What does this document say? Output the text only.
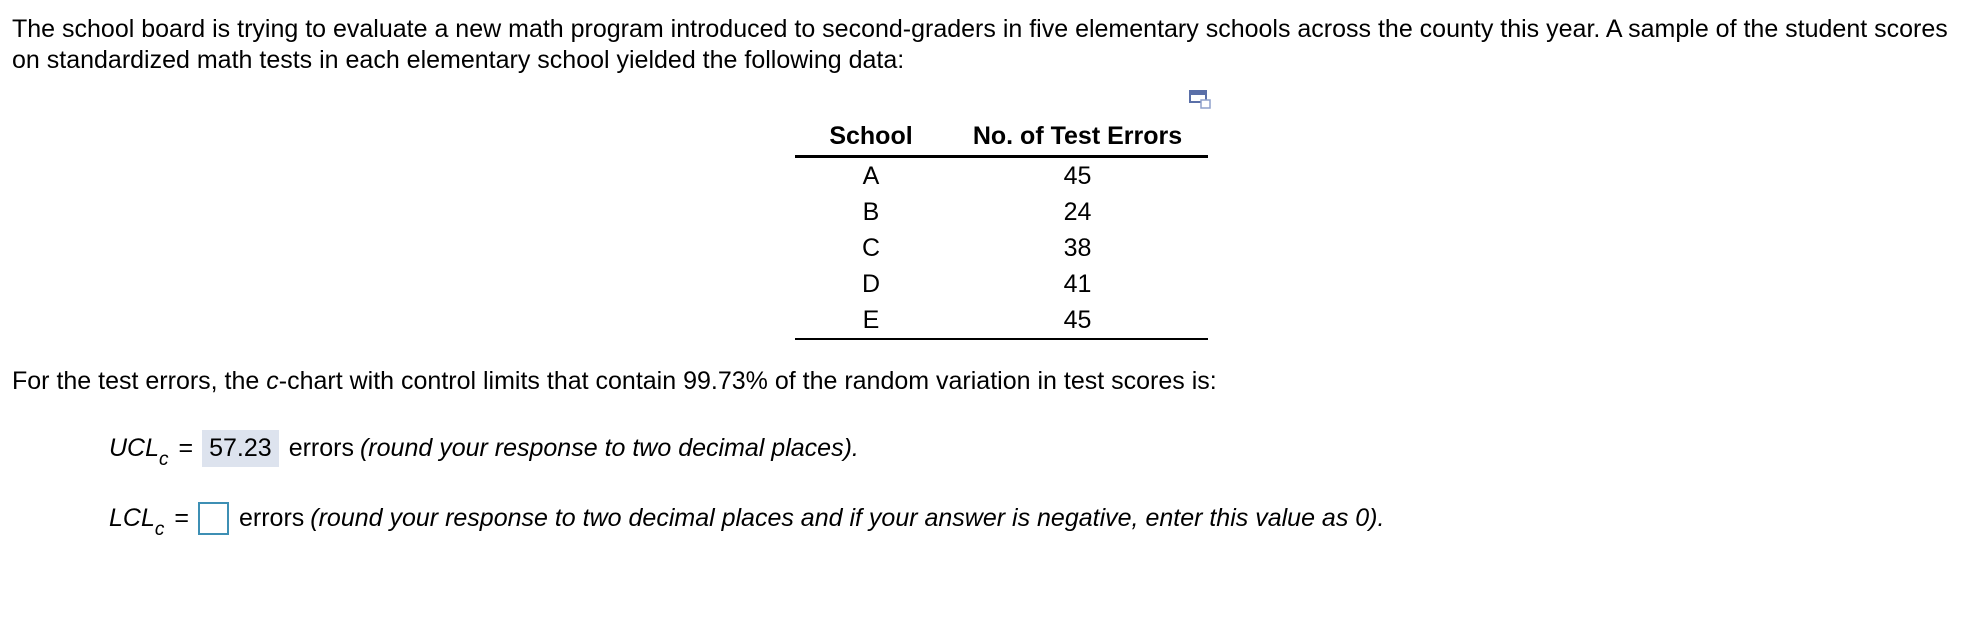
The school board is trying to evaluate a new math program introduced to second-graders in five elementary schools across the county this year. A sample of the student scores on standardized math tests in each elementary school yielded the following data:
School	No. of Test Errors
A	45
B	24
C	38
D	41
E	45
For the test errors, the c-chart with control limits that contain 99.73% of the random variation in test scores is:
$UCL_c = 57.23$ errors (round your response to two decimal places).
$LCL_c$ = errors (round your response to two decimal places and if your answer is negative, enter this value as 0).
